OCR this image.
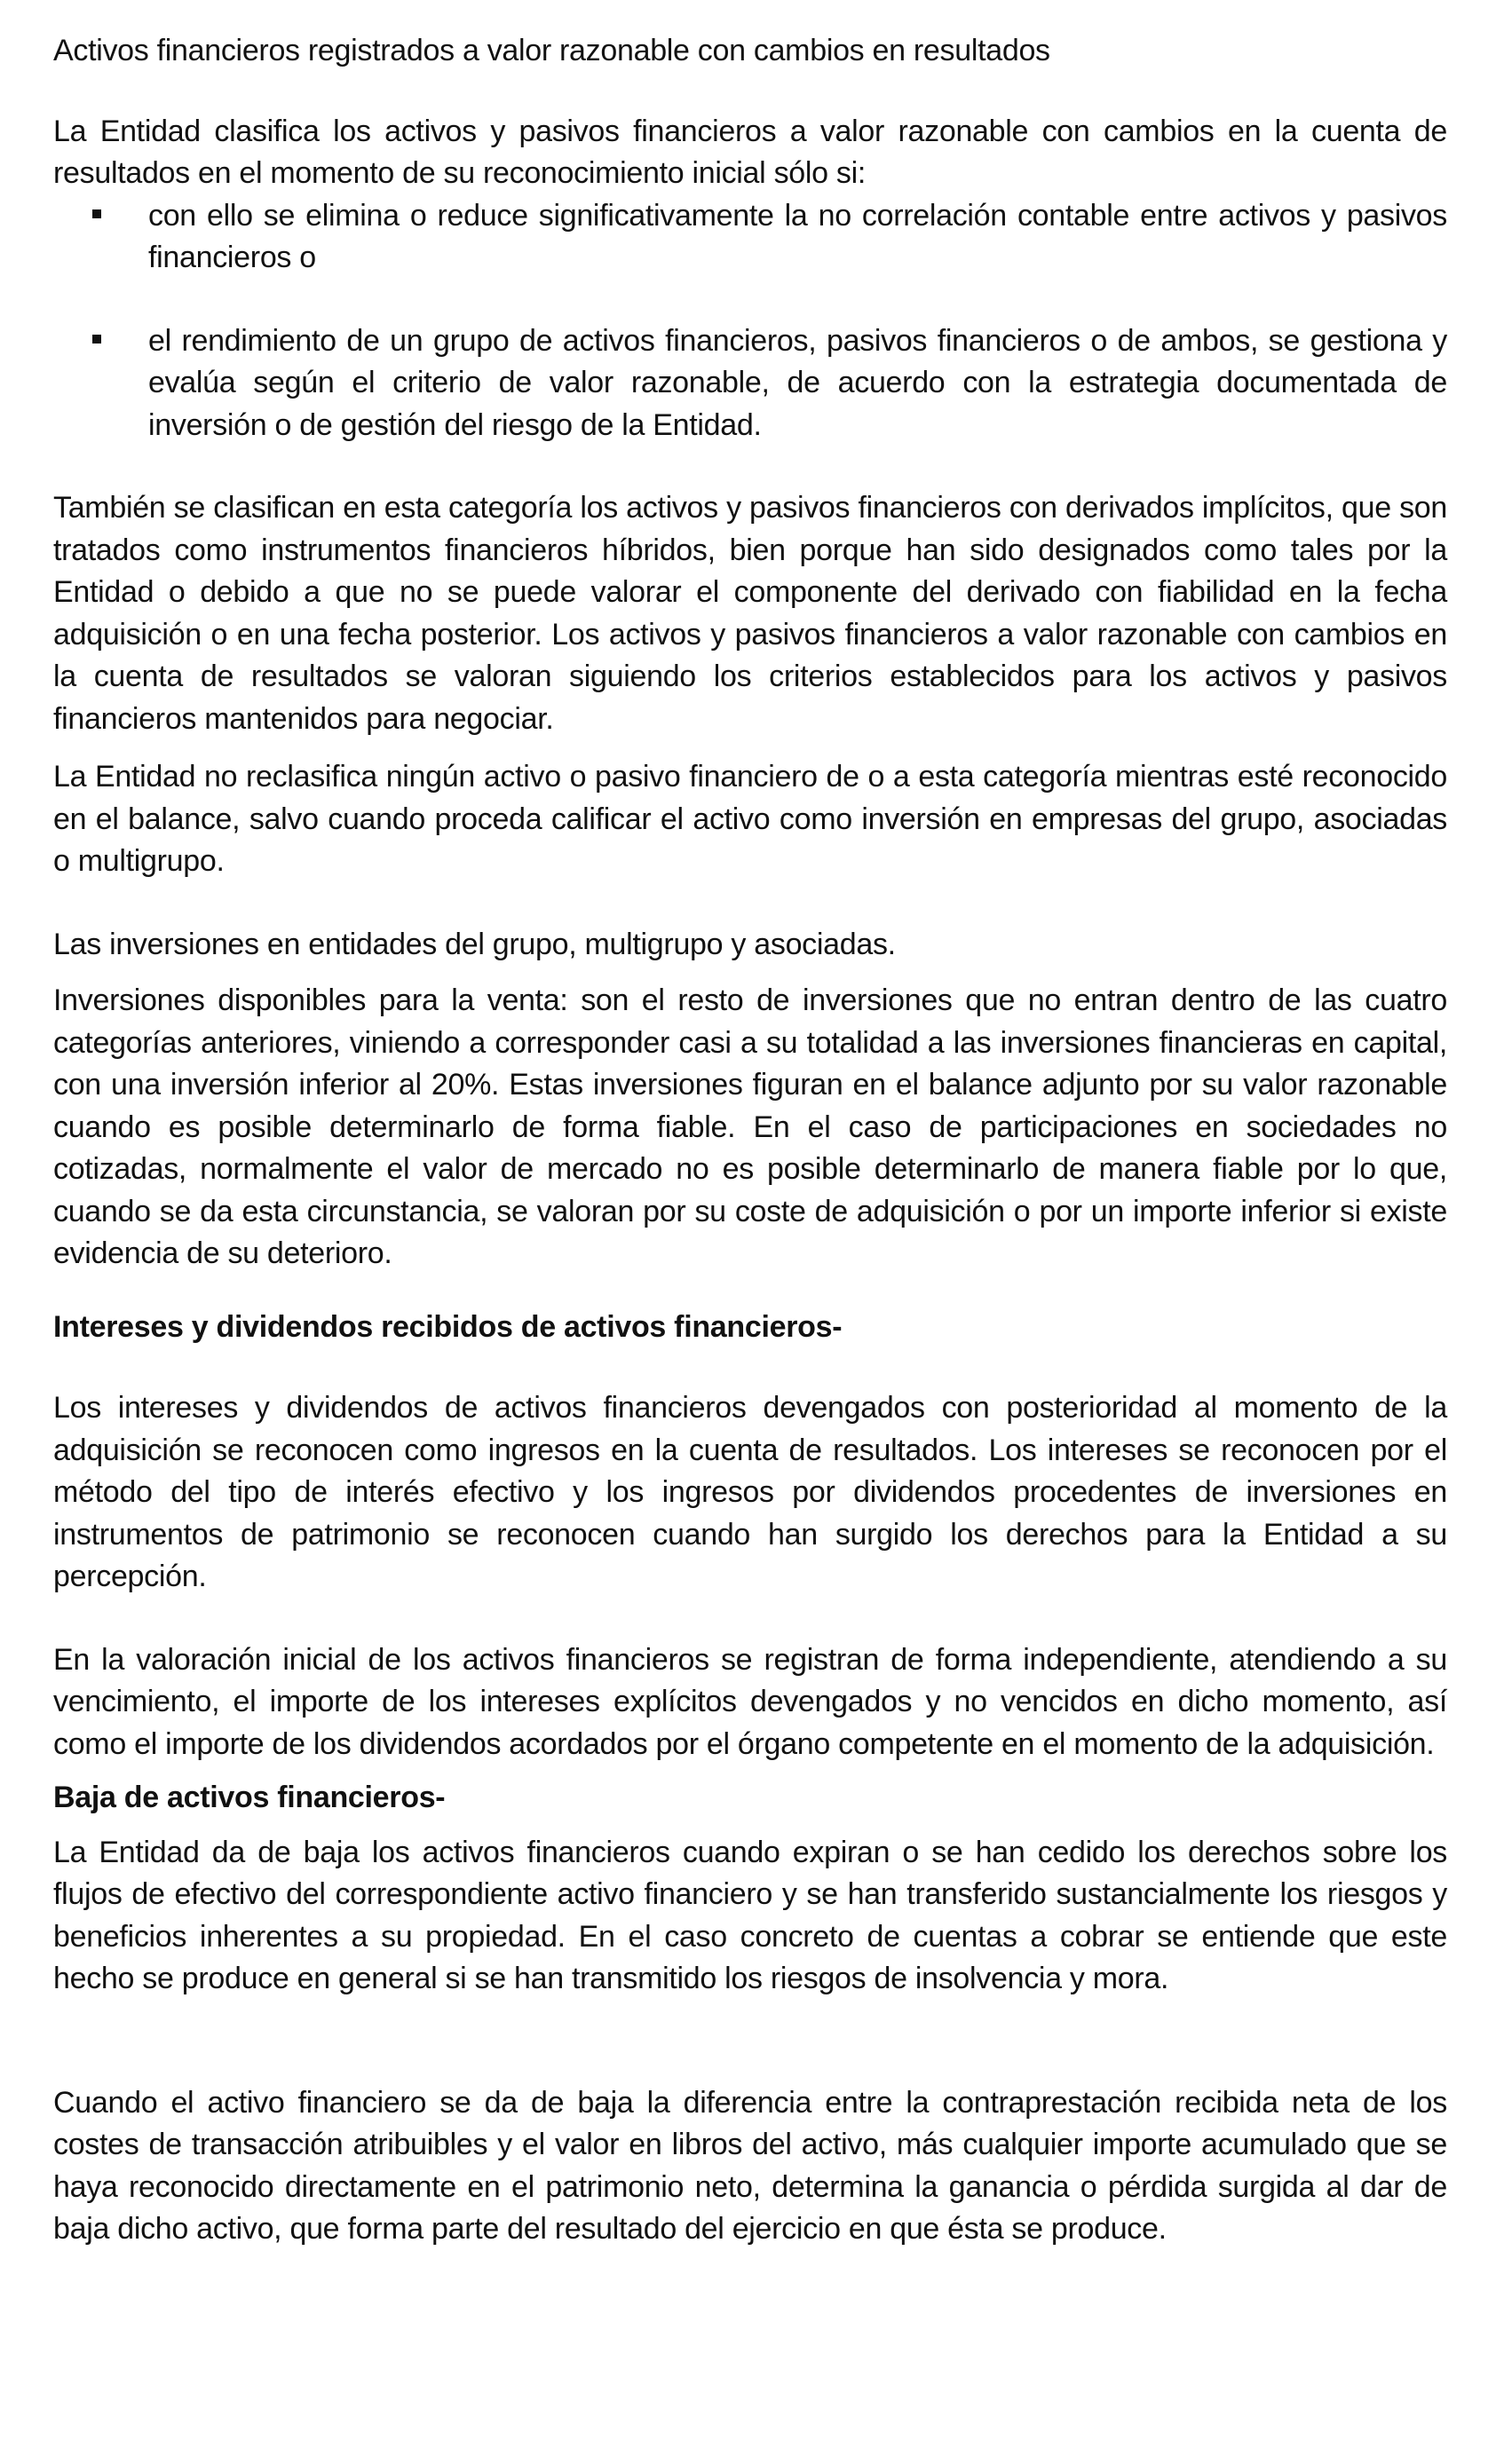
Activos financieros registrados a valor razonable con cambios en resultados

La Entidad clasifica los activos y pasivos financieros a valor razonable con cambios en la cuenta de resultados en el momento de su reconocimiento inicial sólo si:

con ello se elimina o reduce significativamente la no correlación contable entre activos y pasivos financieros o
el rendimiento de un grupo de activos financieros, pasivos financieros o de ambos, se gestiona y evalúa según el criterio de valor razonable, de acuerdo con la estrategia documentada de inversión o de gestión del riesgo de la Entidad.

También se clasifican en esta categoría los activos y pasivos financieros con derivados implícitos, que son tratados como instrumentos financieros híbridos, bien porque han sido designados como tales por la Entidad o debido a que no se puede valorar el componente del derivado con fiabilidad en la fecha adquisición o en una fecha posterior. Los activos y pasivos financieros a valor razonable con cambios en la cuenta de resultados se valoran siguiendo los criterios establecidos para los activos y pasivos financieros mantenidos para negociar.

La Entidad no reclasifica ningún activo o pasivo financiero de o a esta categoría mientras esté reconocido en el balance, salvo cuando proceda calificar el activo como inversión en empresas del grupo, asociadas o multigrupo.

Las inversiones en entidades del grupo, multigrupo y asociadas.

Inversiones disponibles para la venta: son el resto de inversiones que no entran dentro de las cuatro categorías anteriores, viniendo a corresponder casi a su totalidad a las inversiones financieras en capital, con una inversión inferior al 20%. Estas inversiones figuran en el balance adjunto por su valor razonable cuando es posible determinarlo de forma fiable. En el caso de participaciones en sociedades no cotizadas, normalmente el valor de mercado no es posible determinarlo de manera fiable por lo que, cuando se da esta circunstancia, se valoran por su coste de adquisición o por un importe inferior si existe evidencia de su deterioro.

Intereses y dividendos recibidos de activos financieros-

Los intereses y dividendos de activos financieros devengados con posterioridad al momento de la adquisición se reconocen como ingresos en la cuenta de resultados. Los intereses se reconocen por el método del tipo de interés efectivo y los ingresos por dividendos procedentes de inversiones en instrumentos de patrimonio se reconocen cuando han surgido los derechos para la Entidad a su percepción.

En la valoración inicial de los activos financieros se registran de forma independiente, atendiendo a su vencimiento, el importe de los intereses explícitos devengados y no vencidos en dicho momento, así como el importe de los dividendos acordados por el órgano competente en el momento de la adquisición.

Baja de activos financieros-

La Entidad da de baja los activos financieros cuando expiran o se han cedido los derechos sobre los flujos de efectivo del correspondiente activo financiero y se han transferido sustancialmente los riesgos y beneficios inherentes a su propiedad. En el caso concreto de cuentas a cobrar se entiende que este hecho se produce en general si se han transmitido los riesgos de insolvencia y mora.

Cuando el activo financiero se da de baja la diferencia entre la contraprestación recibida neta de los costes de transacción atribuibles y el valor en libros del activo, más cualquier importe acumulado que se haya reconocido directamente en el patrimonio neto, determina la ganancia o pérdida surgida al dar de baja dicho activo, que forma parte del resultado del ejercicio en que ésta se produce.
